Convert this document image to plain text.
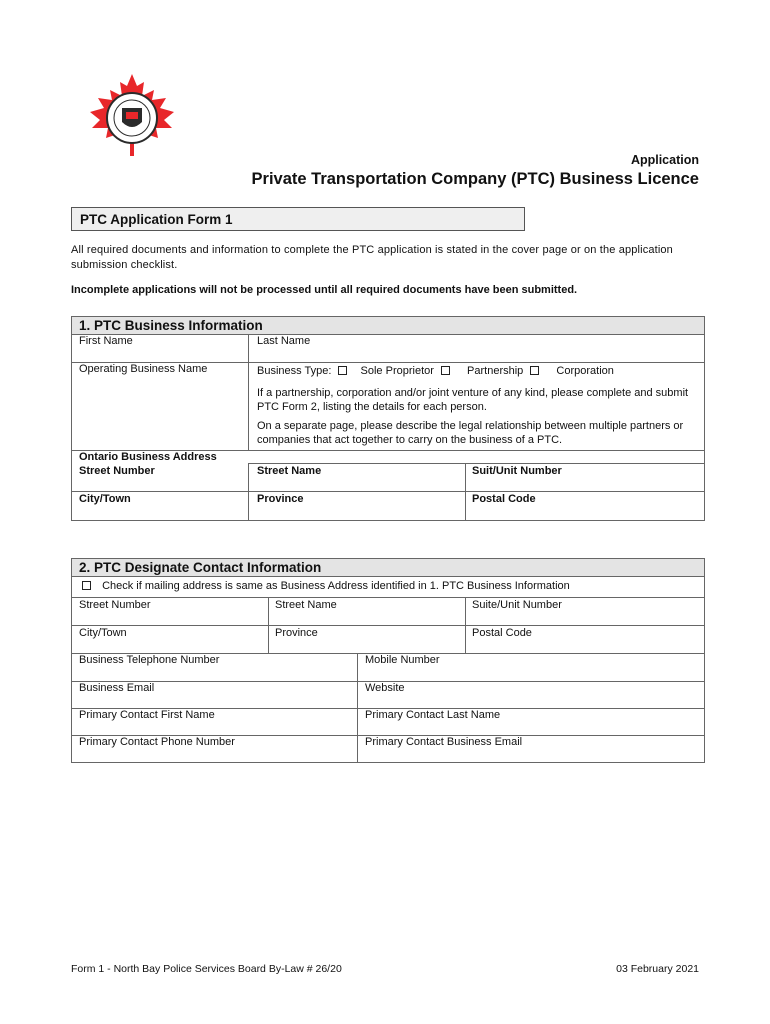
Application
Private Transportation Company (PTC) Business Licence
PTC Application Form 1
All required documents and information to complete the PTC application is stated in the cover page or on the application submission checklist.
Incomplete applications will not be processed until all required documents have been submitted.
1. PTC Business Information
First Name	Last Name
Operating Business Name	Business Type:	Sole Proprietor	Partnership	Corporation
If a partnership, corporation and/or joint venture of any kind, please complete and submit PTC Form 2, listing the details for each person.
On a separate page, please describe the legal relationship between multiple partners or companies that act together to carry on the business of a PTC.
Ontario Business Address
Street Number	Street Name	Suit/Unit Number
City/Town	Province	Postal Code
2. PTC Designate Contact Information
Check if mailing address is same as Business Address identified in 1. PTC Business Information
Street Number	Street Name	Suite/Unit Number
City/Town	Province	Postal Code
Business Telephone Number	Mobile Number
Business Email	Website
Primary Contact First Name	Primary Contact Last Name
Primary Contact Phone Number	Primary Contact Business Email
Form 1 - North Bay Police Services Board By-Law # 26/20	03 February 2021
